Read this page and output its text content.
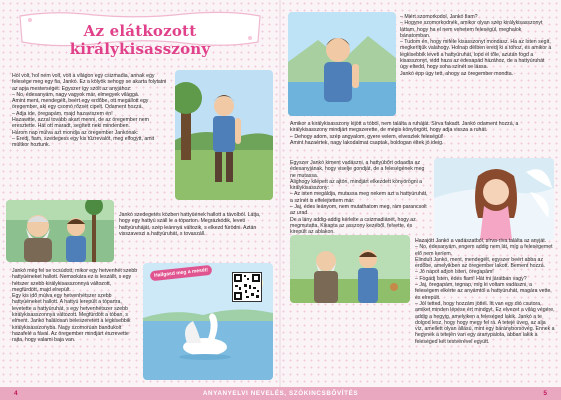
Az elátkozott királykisasszony

Hol volt, hol nem volt, volt a világon egy csizmadia, annak egy felesége meg egy fia, Jankó. Ez a kölyök sehogy se akarta folytatni az apja mesterségét. Egyszer így szólt az anyjához:
– No, édesanyám, nagy vagyok már, elmegyek világgá.
Amint ment, mendegélt, beért egy erdőbe, ott megállott egy öregember, aki egy csomó rőzsét cipelt. Odament hozzá.
– Adja ide, öregapám, majd hazaviszem én!
Hazawitte, azzal tovább akart menni, de az öregember nem eresztette. Hát ott maradt, segített neki mindenben.
Három nap múlva azt mondja az öregember Jankónak:
– Eredj, fiam, szedegess egy kis tűzrevalót, meg elfogytt, amit múltkor hoztunk.

Jankó szedegetés közben hattyúének hallott a távolból. Látja, hogy egy hattyú száll le a tóparton. Megrázkódik, leveti hattyúruháját, szép leánnyá változik, s elkezd fürödni. Aztán visszaveszi a hattyúruhát, s tovaszáll.

Jankó még fel se ocsúdott, mikor egy hetvenhét szebb hattyúéneket hallott. Nemsokára ez is leszállt, s egy hétszer szebb királykisasszonnyá változott, megfürdött, majd elrepült.
Egy kis idő múlva egy hetvenhétszer szebb hattyúéneket hallott. A hattyú lerepült a tópartra, levetette a hattyúruhát, s egy hetvenhétszer szebb királykisasszonnyá változott. Megfürdött a tóban, s elment. Jankó halálosan beleszeretett a legkisebbik királykisasszonyba. Nagy szomorúan bandukolt hazafelé a fával. Az öregember mindjárt észrevette rajta, hogy valami baja van.

Hallgasd meg a mesét!

– Miért szomorkodol, Jankó fiam?
– Hogyne szomorkodnék, amikor olyan szép királykisasszonyt láttam, hogy ha el nem vehetem feleségül, meghalok bánatomban.
– Tudom én, hogy miféle kisasszonyt mondasz. Ha az Isten segít, megkerítjük valahogy. Holnap délben eredj ki a tóhoz, és amikor a legkisebbik leveti a hattyúruhát, lopd el tőle, azután fogd a kisasszonyt, vidd haza az édesapád házához, de a hattyúruhát úgy eltedd, hogy soha színét se lássa.
Jankó épp úgy tett, ahogy az öregember mondta.

Amikor a királykisasszony kijött a tóból, nem találta a ruháját. Sírva fakadt. Jankó odament hozzá, a királykisasszony mindjárt megszerette, de mégis könyörgött, hogy adja vissza a ruhát.
– Dehogy adom, szép angyalom, gyere velem, elveszlek feleségül!
Amint hazaértek, nagy lakodalmat csaptak, boldogan éltek jó ideig.

Egyszer Jankó kiment vadászni, a hattyúbőrt odaadta az édesanyjának, hogy viselje gondját, de a feleségének meg ne mutassa.
Alighogy kilépett az ajtón, mindjárt elkezdett könyörögni a királykisasszony:
– Az isten megáldja, mutassa meg nekem azt a hattyúruhát, a színét is elfelejtettem már.
– Jaj, édes leányom, nem mutathatom meg, rám parancsolt az urad.
De a lány addig-addig kérlelte a csizmadiánét, hogy az megmutatta. Kikapta az asszony kezéből, felvette, és kirepült az ablakon.

Hazajött Jankó a vadászatból, sírva-ríva találta az anyját.
– No, édesanyám, engem addig nem lát, míg a feleségemet elő nem keríem.
Elindult Jankó, ment, mendegélt, egyszer beért abba az erdőbe, amelyikben az öregember lakott. Bement hozzá.
– Jó napot adjon Isten, öregapám!
– Fogadj Isten, édes fiam! Hát mi járatban vagy?
– Jaj, öregapám, tegnap, míg ki voltam vadászni, a feleségem elkérte az anyámtól a hattyúruhát, magára vette, és elrepült.
– Jól tetted, hogy hozzám jöttél. Itt van egy dió csutora, amiket minden lépése ért mindgyt. Ez elvezet a világ végére, addig a hegyig, amelyiken a feleséged lakik. Jankó a te dolgod lesz, hogy hogy megy fel rá. A tetejé üveg, az alja víz, amellett olyan állású, mint egy bárányborsóvég. Ennek a hegynek a tetején van egy aranypalota, abban lakik a feleséged két testvérével együtt.

ANYANYELVI NEVELÉS, SZÓKINCSBŐVÍTÉS
4	5
